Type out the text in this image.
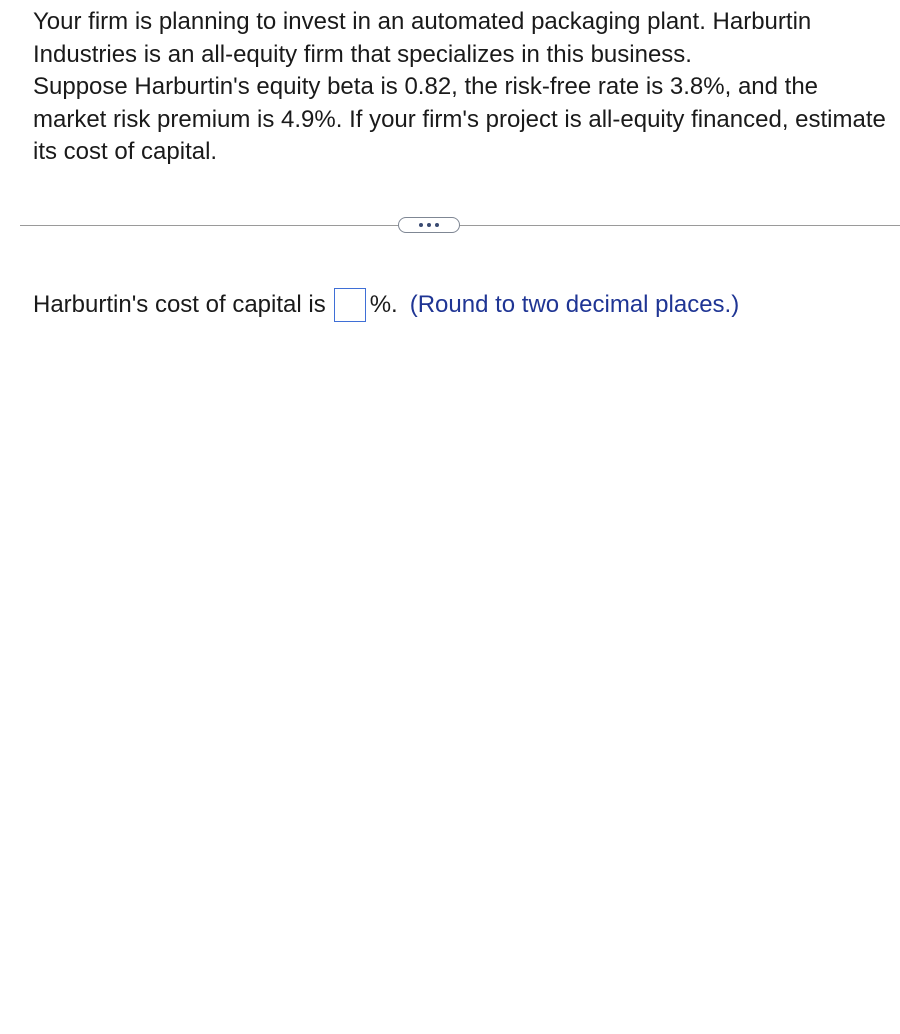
Your firm is planning to invest in an automated packaging plant. Harburtin Industries is an all-equity firm that specializes in this business.

Suppose Harburtin's equity beta is 0.82, the risk-free rate is 3.8%, and the market risk premium is 4.9%. If your firm's project is all-equity financed, estimate its cost of capital.

Harburtin's cost of capital is %. (Round to two decimal places.)
